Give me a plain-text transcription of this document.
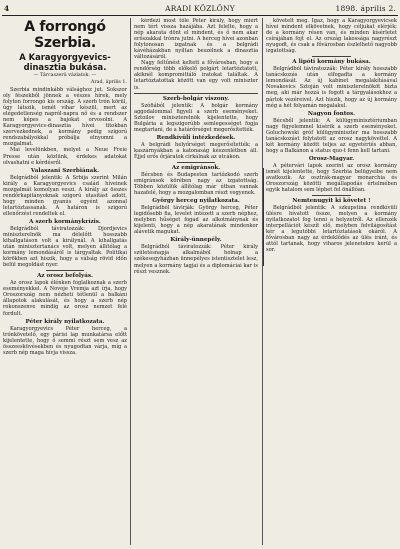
4	ARADI KÖZLÖNY	1898. április 2.
A forrongó Szerbia.
A Karagyorgyevics-dinasztia bukása.
— Tárcaszerü vázlatok. —
Arad, április 1.

Szerbia mindinkább válsághoz jut. Sokszor oly fészekből jönnek a vészes hírek, mely folyton forrongó kis ország. A szerb trón körül, úgy látszik, ismét vihar készül, mert az elégedetlenség napról-napra nő és a rendszer nem képes a bajokat orvosolni. A Karagyorgyevics-dinasztia hívei titokban szervezkednek, a kormány pedig szigorú rendszabályokkal próbálja elnyomni a mozgalmat.

Mai levelünkben, melyet a Neue Freie Presse után közlünk, érdekes adatokat olvashatni e kérdésről.

Valaszani Szerbiának.

Belgrádból jelentik: A Srbija szerint Milán király a Karagyorgyevics család híveinek mozgalmát komolyan veszi. A király az összes rendőrkapitányoknak szigorú utasítást adott, hogy minden gyanús egyént azonnal letartóztassanak. A határon is szigorú ellenőrzést rendeltek el.

A szerb kormánykrízis.

Belgrádból táviratozzák: Djordjevics miniszterelnök ma délelőtt hosszabb kihallgatáson volt a királynál. A kihallgatás után minisztertanács volt, melyen állítólag a kormány lemondásáról is tárgyaltak. Politikai körökben azt hiszik, hogy a válság rövid időn belül megoldást nyer.

Az orosz befolyás.

Az orosz lapok élénken foglalkoznak a szerb eseményekkel. A Novoje Vremja azt írja, hogy Oroszország nem nézheti tétlenül a balkáni állapotok alakulását, és hogy a szerb nép rokonszenve mindig az orosz nemzet felé fordult.

Péter király nyilatkozata.

Karagyorgyevics Péter herceg, a trónkövetelő, egy párisi lap munkatársa előtt kijelentette, hogy ő semmi részt sem vesz az összeesküvésekben és nyugodtan várja, míg a szerb nép maga hívja vissza.

kérdezi most tőle Péter király, hogy miért nem tért vissza hazájába. Azt felelte, hogy a nép akarata dönt el mindent, és ő nem akar erőszakkal trónra jutni. A herceg hívei azonban folytonosan izgatnak és a belgrádi kávéházakban nyíltan beszélnek a dinasztia változásáról.

Nagy feltűnést keltett a fővárosban, hogy a rendőrség több előkelő polgárt letartóztatott, akiknél kompromittáló iratokat találtak. A letartóztatottak között van egy volt miniszter is.

Szerb-bolgár viszony.

Szófiából jelentik: A bolgár kormány aggodalommal figyeli a szerb eseményeket. Sztoilov miniszterelnök kijelentette, hogy Bulgária a legszigorúbb semlegességet fogja megtartani, de a határőrséget megerősítették.

Rendkívüli intézkedések.

A belgrádi helyőrséget megerősítették; a kaszárnyákban a katonaság készenlétben áll. Éjjel erős őrjáratok cirkálnak az utcákon.

Az emigránsok.

Bécsben és Budapesten tartózkodó szerb emigránsok körében nagy az izgatottság. Többen közülük állítólag már útban vannak hazafelé, hogy a mozgalomban részt vegyenek.

György herceg nyilatkozata.

Belgrádból távirják: György herceg, Péter legidősebb fia, levelet intézett a szerb néphez, melyben hűséget fogad az alkotmánynak és kijelenti, hogy a nép akaratának mindenkor alávetik magukat.

Király-ünnepély.

Belgrádból táviratozzák: Péter király születésnapja alkalmából holnap a székesegyházban ünnepélyes istentisztelet lesz, melyen a kormány tagjai és a diplomáciai kar is részt vesznek.

követelt meg. Igaz, hogy a Karagyorgyevicsek hívei mindent elkövetnek, hogy céljukat elérjék; de a kormány résen van, és minden kísérletet csírájában fojt el. Az ország lakossága nagyrészt nyugodt, és csak a fővárosban észlelhető nagyobb izgatottság.

A lipóti kormány bukása.

Belgrádból táviratozzák: Péter király hosszabb tanácskozás után elfogadta a kormány lemondását. Az új kabinet megalakításával Novakovics Sztoján volt miniszterelnököt bízta meg, aki már hozzá is fogott a tárgyalásokhoz a pártok vezéreivel. Azt hiszik, hogy az új kormány még a hét folyamán megalakul.

Nagyon fontos.

Bécsből jelentik: A külügyminisztériumban nagy figyelemmel kísérik a szerb eseményeket. Goluchowski gróf külügyminiszter ma hosszabb tanácskozást folytatott az orosz nagykövettel. A két kormány között teljes az egyetértés abban, hogy a Balkánon a status quo-t fenn kell tartani.

Orosz-Magyar.

A pétervári lapok szerint az orosz kormány ismét kijelentette, hogy Szerbia belügyeibe nem avatkozik. Az osztrák-magyar monarchia és Oroszország közötti megállapodás értelmében egyik hatalom sem léphet fel önállóan.

Nemtenugyit ki követet !

Belgrádból jelentik: A szkupstina rendkívüli ülésre hívatott össze, melyen a kormány nyilatkozatot fog tenni a helyzetről. Az ellenzék interpellációt készít elő, melyben felvilágosítást kér a legutóbbi letartóztatások okáról. A fővárosban nagy az érdeklődés az ülés iránt, és attól tartanak, hogy viharos jelenetekre kerül a sor.
